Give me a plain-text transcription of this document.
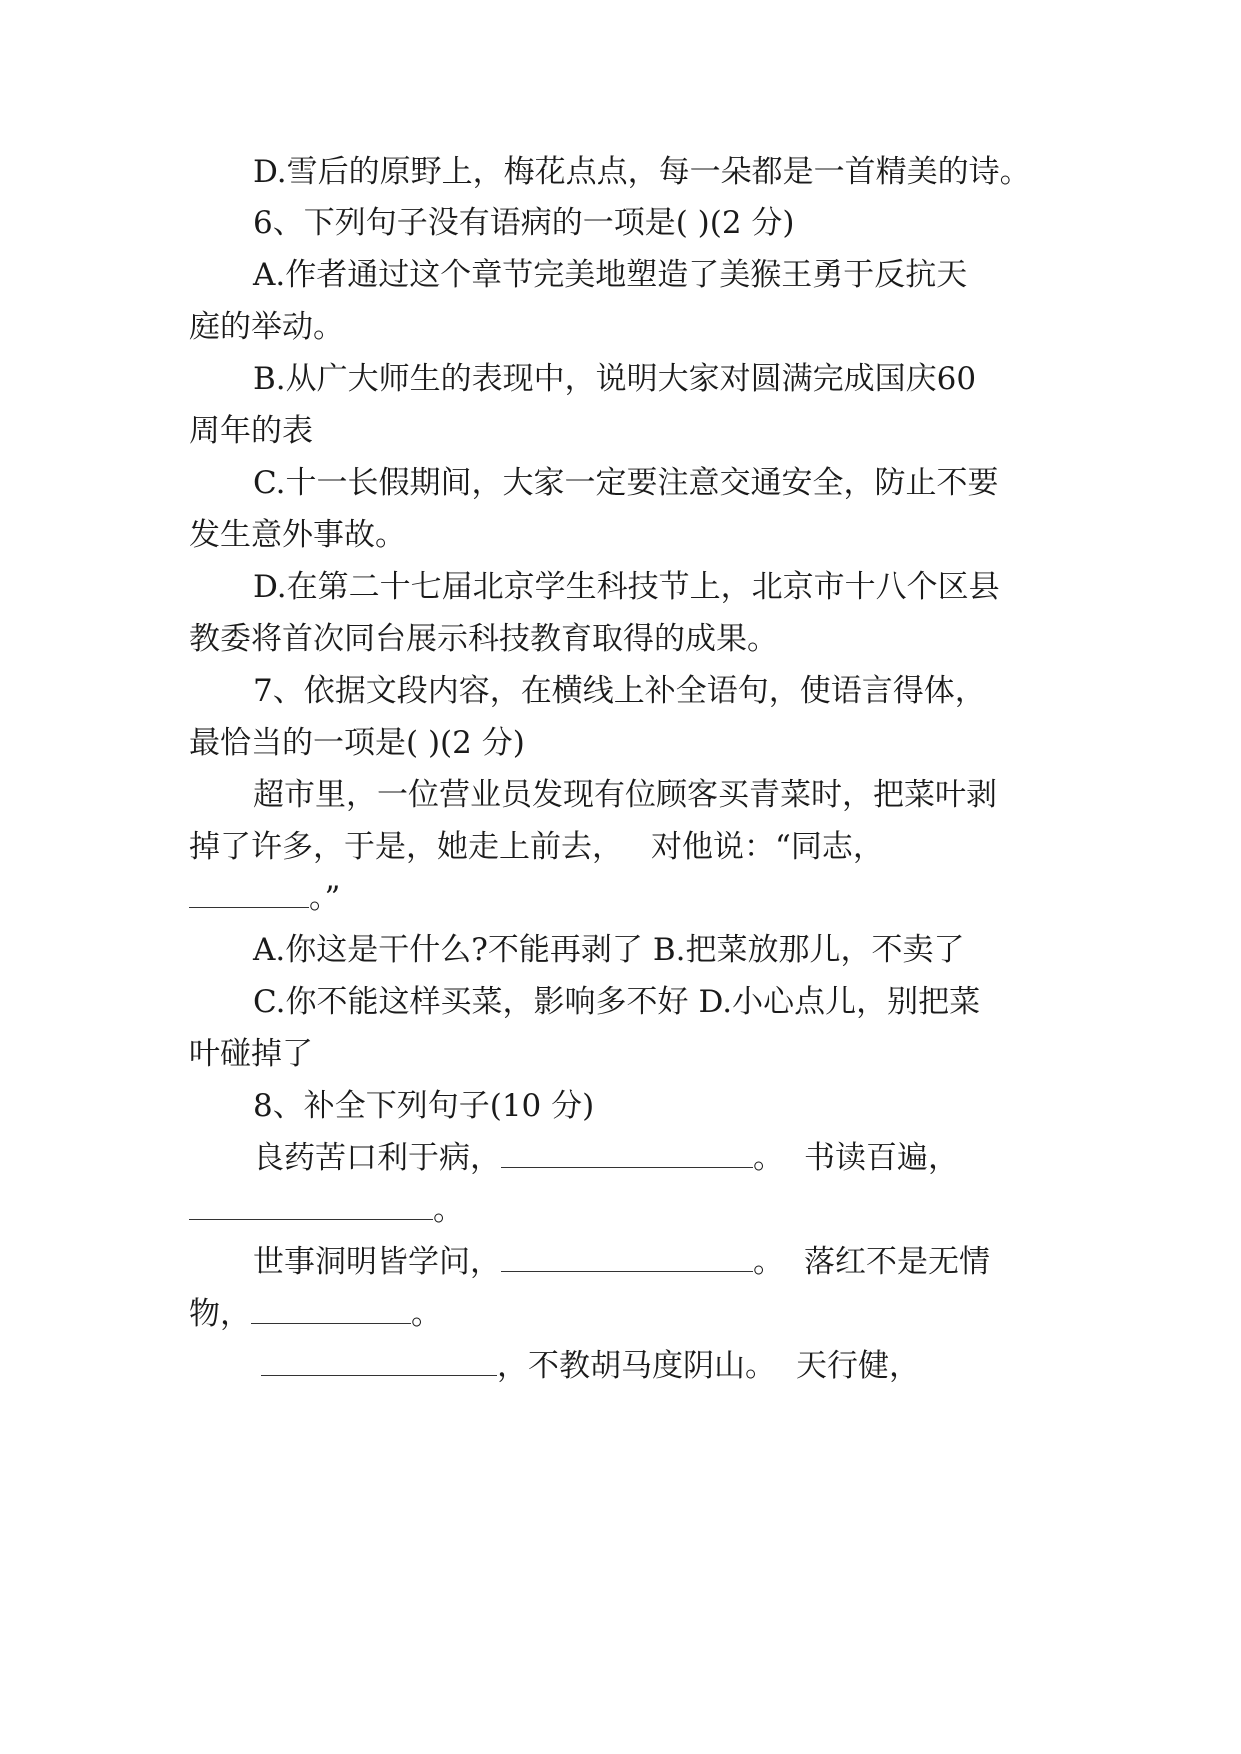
D.雪后的原野上，梅花点点，每一朵都是一首精美的诗。

6、下列句子没有语病的一项是( )(2 分)

A.作者通过这个章节完美地塑造了美猴王勇于反抗天

庭的举动。

B.从广大师生的表现中，说明大家对圆满完成国庆60

周年的表

C.十一长假期间，大家一定要注意交通安全，防止不要

发生意外事故。

D.在第二十七届北京学生科技节上，北京市十八个区县

教委将首次同台展示科技教育取得的成果。

7、依据文段内容，在横线上补全语句，使语言得体，

最恰当的一项是( )(2 分)

超市里，一位营业员发现有位顾客买青菜时，把菜叶剥

掉了许多，于是，她走上前去， 对他说：“同志，
。”
A.你这是干什么?不能再剥了 B.把菜放那儿，不卖了
C.你不能这样买菜，影响多不好 D.小心点儿，别把菜

叶碰掉了

8、补全下列句子(10 分)

良药苦口利于病，	。 书读百遍，
。
世事洞明皆学问，	。 落红不是无情
物，	。
，不教胡马度阴山。 天行健，
